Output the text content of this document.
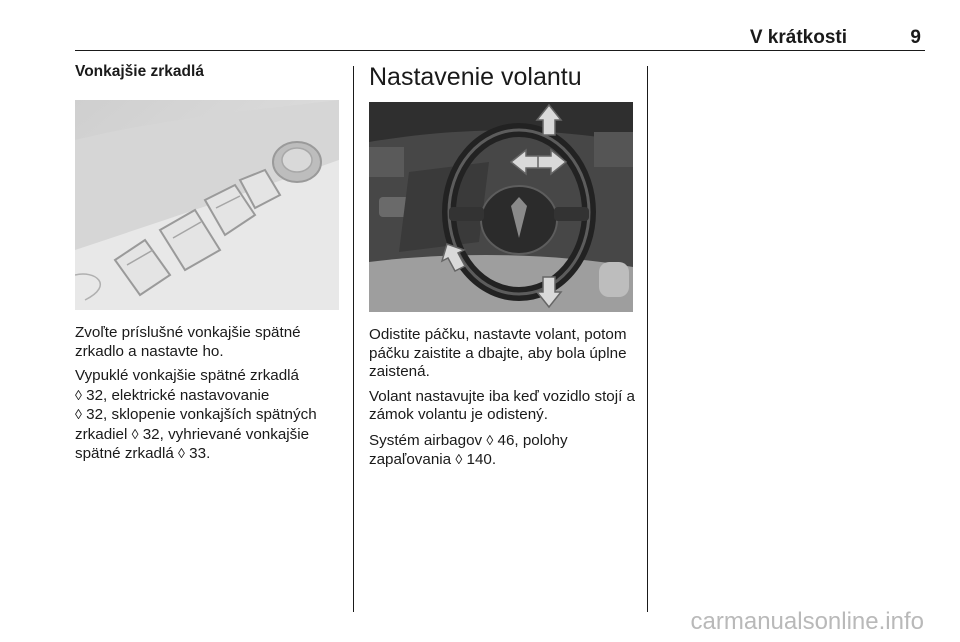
V krátkosti	9
Vonkajšie zrkadlá

Zvoľte príslušné vonkajšie spätné zrkadlo a nastavte ho.

Vypuklé vonkajšie spätné zrkadlá
◊ 32, elektrické nastavovanie
◊ 32, sklopenie vonkajších spätných zrkadiel ◊ 32, vyhrievané vonkajšie spätné zrkadlá ◊ 33.

Nastavenie volantu

Odistite páčku, nastavte volant, potom páčku zaistite a dbajte, aby bola úplne zaistená.

Volant nastavujte iba keď vozidlo stojí a zámok volantu je odistený.

Systém airbagov ◊ 46, polohy zapaľovania ◊ 140.

carmanualsonline.info
